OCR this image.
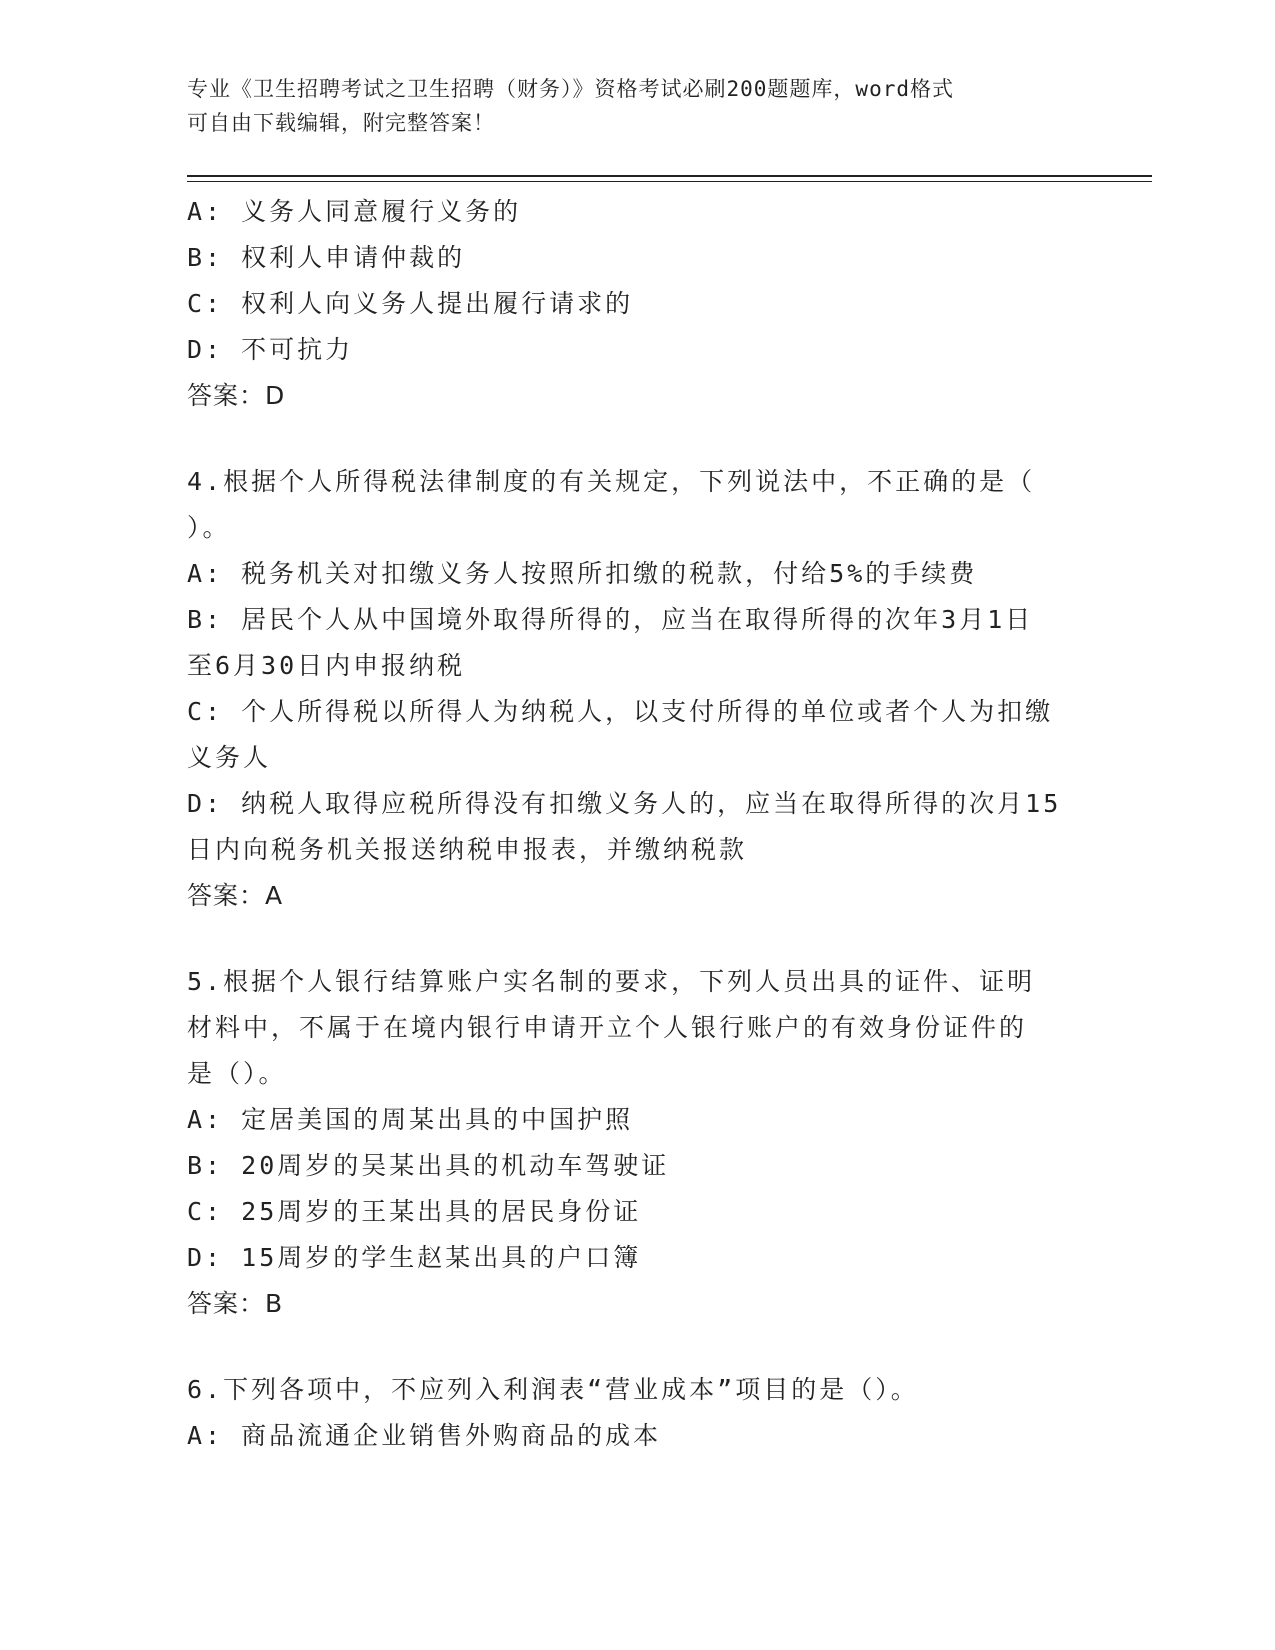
专业《卫生招聘考试之卫生招聘（财务）》资格考试必刷200题题库，word格式
可自由下载编辑，附完整答案！
A: 义务人同意履行义务的
B: 权利人申请仲裁的
C: 权利人向义务人提出履行请求的
D: 不可抗力
答案：D
4.根据个人所得税法律制度的有关规定，下列说法中，不正确的是（
）。
A: 税务机关对扣缴义务人按照所扣缴的税款，付给5%的手续费
B: 居民个人从中国境外取得所得的，应当在取得所得的次年3月1日
至6月30日内申报纳税
C: 个人所得税以所得人为纳税人，以支付所得的单位或者个人为扣缴
义务人
D: 纳税人取得应税所得没有扣缴义务人的，应当在取得所得的次月15
日内向税务机关报送纳税申报表，并缴纳税款
答案：A
5.根据个人银行结算账户实名制的要求，下列人员出具的证件、证明
材料中，不属于在境内银行申请开立个人银行账户的有效身份证件的
是（）。
A: 定居美国的周某出具的中国护照
B: 20周岁的吴某出具的机动车驾驶证
C: 25周岁的王某出具的居民身份证
D: 15周岁的学生赵某出具的户口簿
答案：B
6.下列各项中，不应列入利润表“营业成本”项目的是（）。
A: 商品流通企业销售外购商品的成本
